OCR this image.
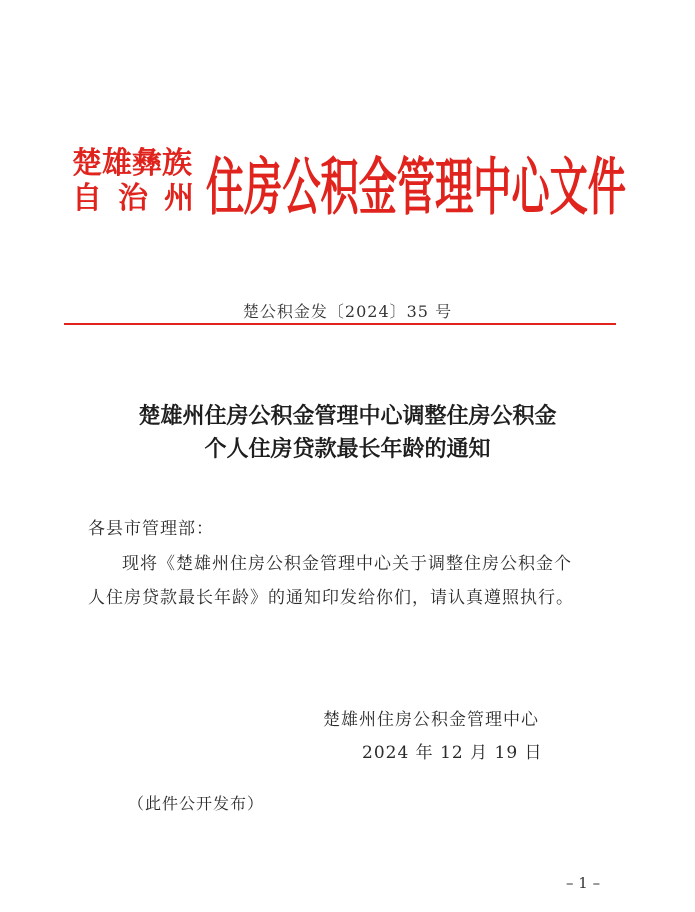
楚雄彝族
自治州
住房公积金管理中心文件
楚公积金发〔2024〕35 号
楚雄州住房公积金管理中心调整住房公积金
个人住房贷款最长年龄的通知
各县市管理部：
现将《楚雄州住房公积金管理中心关于调整住房公积金个
人住房贷款最长年龄》的通知印发给你们，请认真遵照执行。
楚雄州住房公积金管理中心
2024 年 12 月 19 日
（此件公开发布）
– 1 –
